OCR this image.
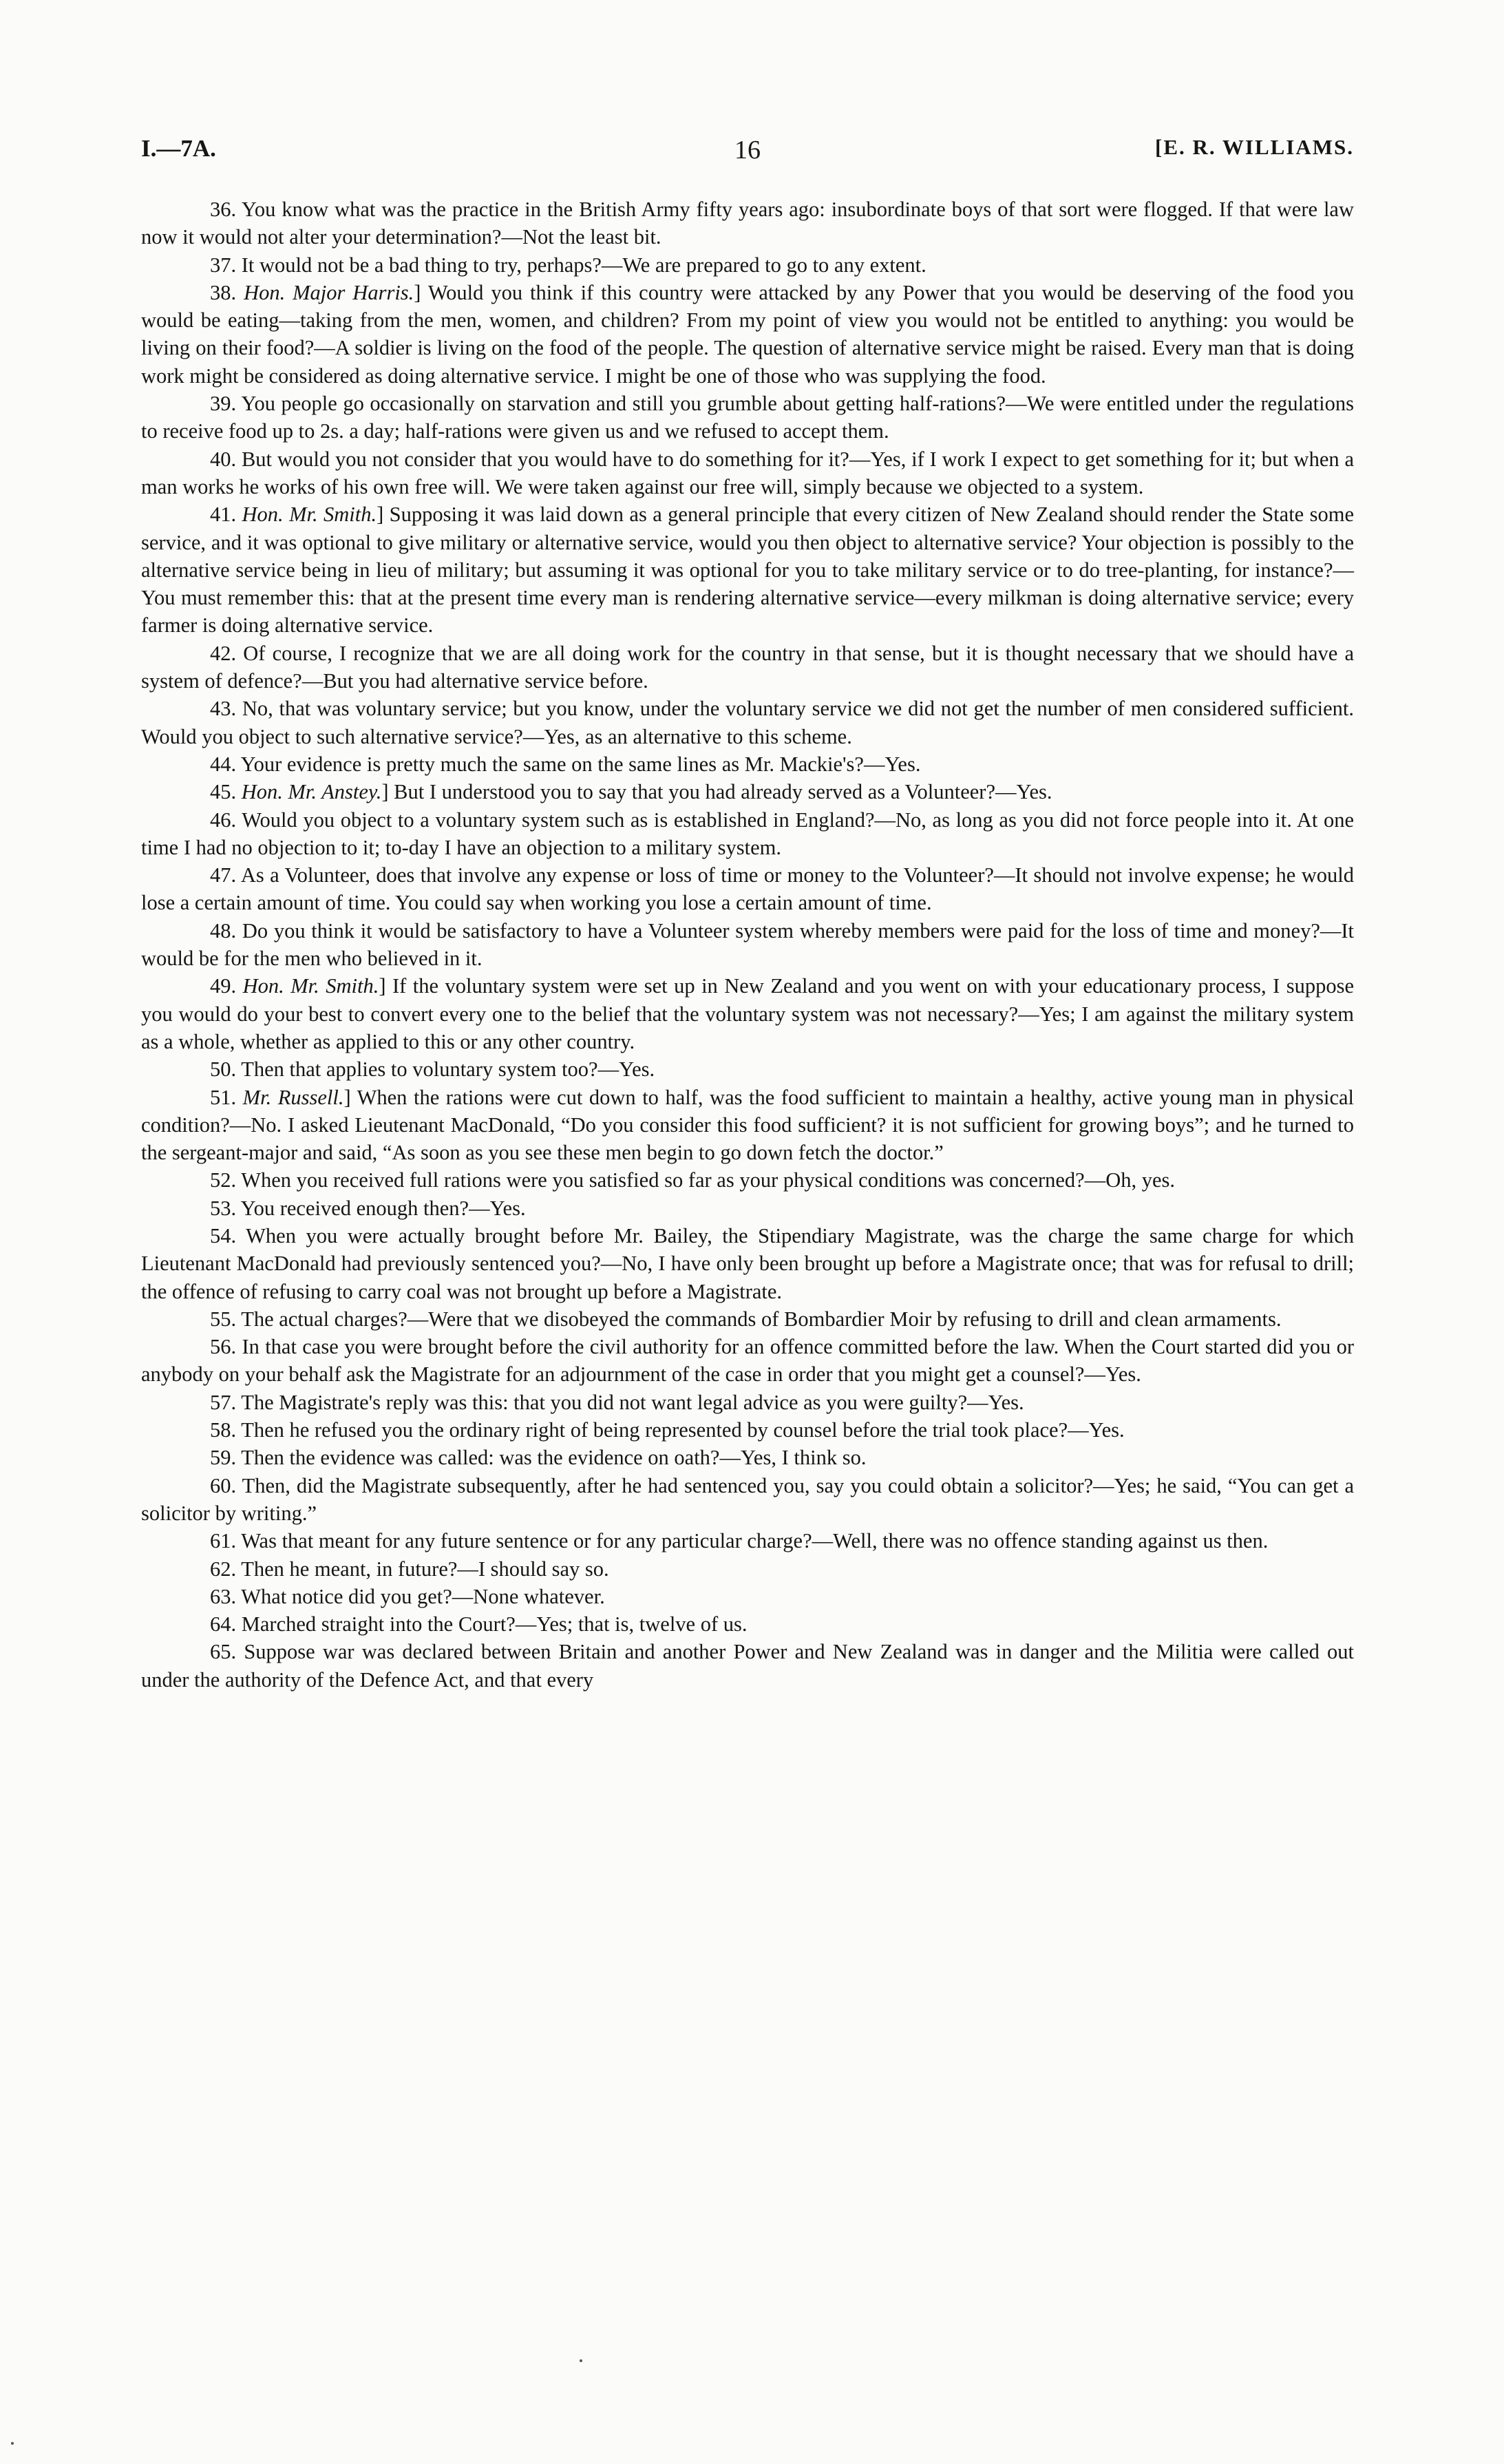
I.—7A.	16	[E. R. WILLIAMS.

36. You know what was the practice in the British Army fifty years ago: insubordinate boys of that sort were flogged. If that were law now it would not alter your determination?—Not the least bit.

37. It would not be a bad thing to try, perhaps?—We are prepared to go to any extent.

38. Hon. Major Harris.] Would you think if this country were attacked by any Power that you would be deserving of the food you would be eating—taking from the men, women, and children? From my point of view you would not be entitled to anything: you would be living on their food?—A soldier is living on the food of the people. The question of alternative service might be raised. Every man that is doing work might be considered as doing alternative service. I might be one of those who was supplying the food.

39. You people go occasionally on starvation and still you grumble about getting half-rations?—We were entitled under the regulations to receive food up to 2s. a day; half-rations were given us and we refused to accept them.

40. But would you not consider that you would have to do something for it?—Yes, if I work I expect to get something for it; but when a man works he works of his own free will. We were taken against our free will, simply because we objected to a system.

41. Hon. Mr. Smith.] Supposing it was laid down as a general principle that every citizen of New Zealand should render the State some service, and it was optional to give military or alternative service, would you then object to alternative service? Your objection is possibly to the alternative service being in lieu of military; but assuming it was optional for you to take military service or to do tree-planting, for instance?—You must remember this: that at the present time every man is rendering alternative service—every milkman is doing alternative service; every farmer is doing alternative service.

42. Of course, I recognize that we are all doing work for the country in that sense, but it is thought necessary that we should have a system of defence?—But you had alternative service before.

43. No, that was voluntary service; but you know, under the voluntary service we did not get the number of men considered sufficient. Would you object to such alternative service?—Yes, as an alternative to this scheme.

44. Your evidence is pretty much the same on the same lines as Mr. Mackie's?—Yes.

45. Hon. Mr. Anstey.] But I understood you to say that you had already served as a Volunteer?—Yes.

46. Would you object to a voluntary system such as is established in England?—No, as long as you did not force people into it. At one time I had no objection to it; to-day I have an objection to a military system.

47. As a Volunteer, does that involve any expense or loss of time or money to the Volunteer?—It should not involve expense; he would lose a certain amount of time. You could say when working you lose a certain amount of time.

48. Do you think it would be satisfactory to have a Volunteer system whereby members were paid for the loss of time and money?—It would be for the men who believed in it.

49. Hon. Mr. Smith.] If the voluntary system were set up in New Zealand and you went on with your educationary process, I suppose you would do your best to convert every one to the belief that the voluntary system was not necessary?—Yes; I am against the military system as a whole, whether as applied to this or any other country.

50. Then that applies to voluntary system too?—Yes.

51. Mr. Russell.] When the rations were cut down to half, was the food sufficient to maintain a healthy, active young man in physical condition?—No. I asked Lieutenant MacDonald, “Do you consider this food sufficient? it is not sufficient for growing boys”; and he turned to the sergeant-major and said, “As soon as you see these men begin to go down fetch the doctor.”

52. When you received full rations were you satisfied so far as your physical conditions was concerned?—Oh, yes.

53. You received enough then?—Yes.

54. When you were actually brought before Mr. Bailey, the Stipendiary Magistrate, was the charge the same charge for which Lieutenant MacDonald had previously sentenced you?—No, I have only been brought up before a Magistrate once; that was for refusal to drill; the offence of refusing to carry coal was not brought up before a Magistrate.

55. The actual charges?—Were that we disobeyed the commands of Bombardier Moir by refusing to drill and clean armaments.

56. In that case you were brought before the civil authority for an offence committed before the law. When the Court started did you or anybody on your behalf ask the Magistrate for an adjournment of the case in order that you might get a counsel?—Yes.

57. The Magistrate's reply was this: that you did not want legal advice as you were guilty?—Yes.

58. Then he refused you the ordinary right of being represented by counsel before the trial took place?—Yes.

59. Then the evidence was called: was the evidence on oath?—Yes, I think so.

60. Then, did the Magistrate subsequently, after he had sentenced you, say you could obtain a solicitor?—Yes; he said, “You can get a solicitor by writing.”

61. Was that meant for any future sentence or for any particular charge?—Well, there was no offence standing against us then.

62. Then he meant, in future?—I should say so.

63. What notice did you get?—None whatever.

64. Marched straight into the Court?—Yes; that is, twelve of us.

65. Suppose war was declared between Britain and another Power and New Zealand was in danger and the Militia were called out under the authority of the Defence Act, and that every
